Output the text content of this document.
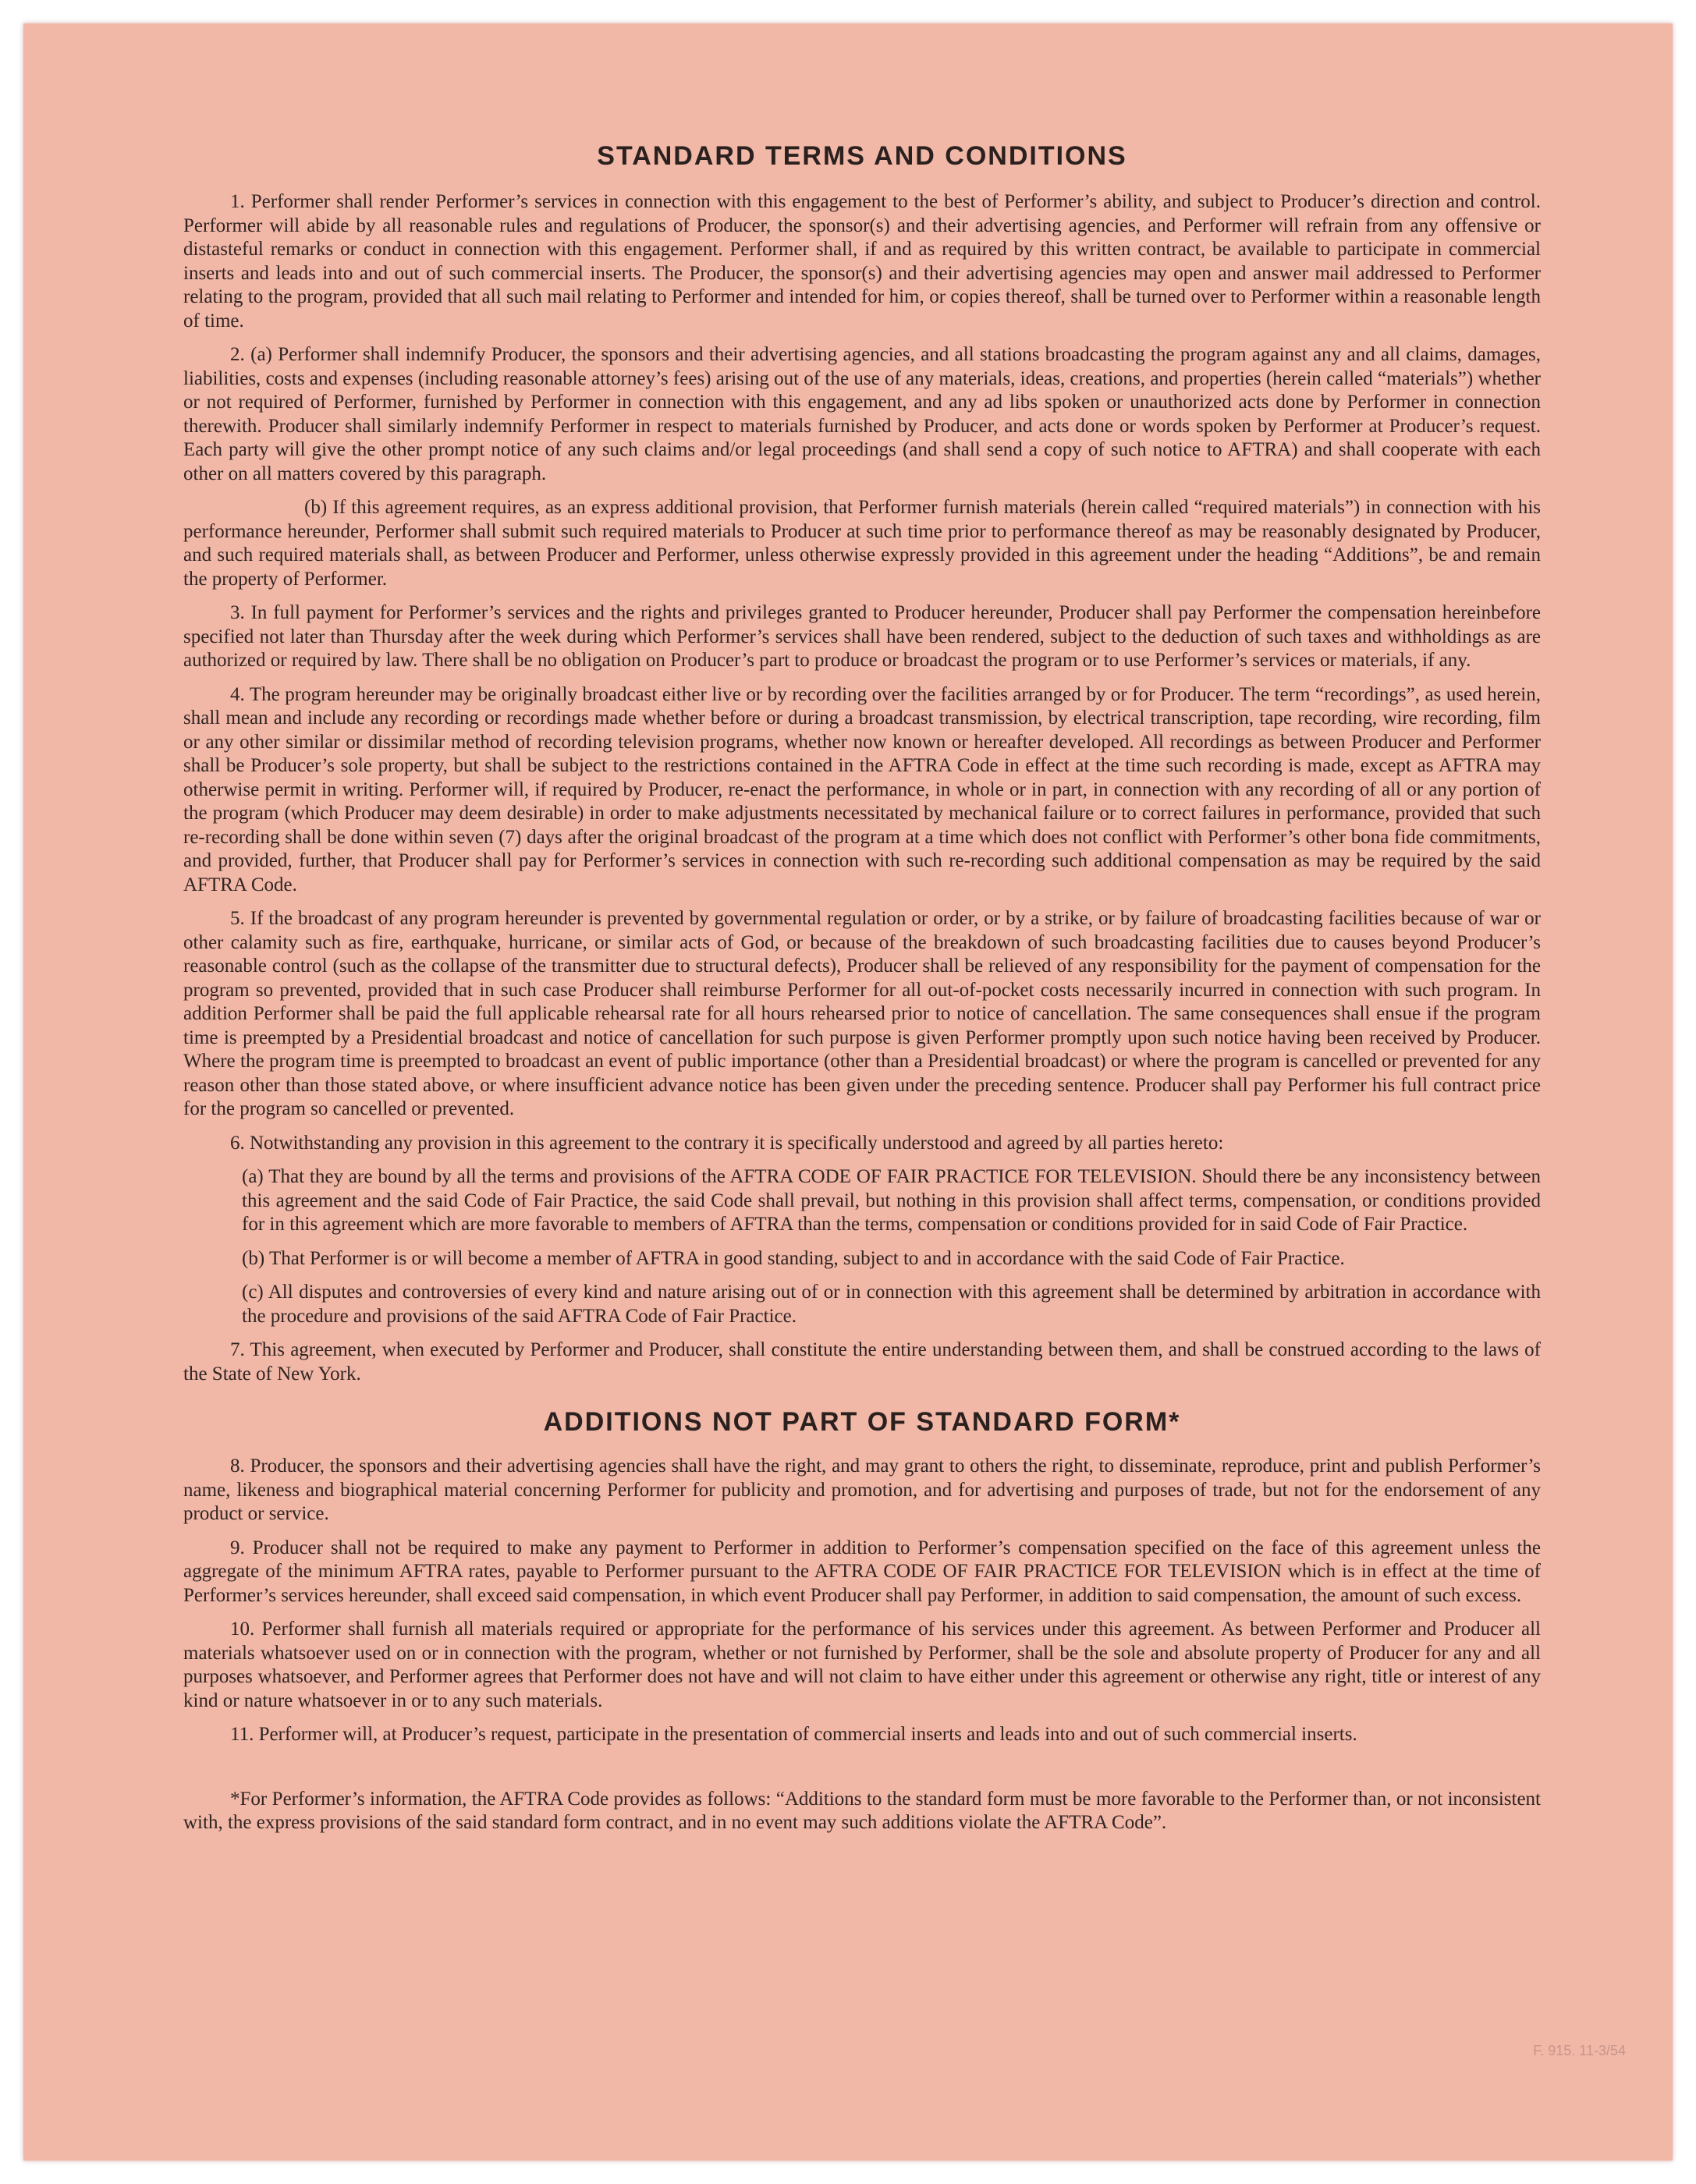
STANDARD TERMS AND CONDITIONS

1. Performer shall render Performer’s services in connection with this engagement to the best of Performer’s ability, and subject to Producer’s direction and control. Performer will abide by all reasonable rules and regulations of Producer, the sponsor(s) and their advertising agencies, and Performer will refrain from any offensive or distasteful remarks or conduct in connection with this engagement. Performer shall, if and as required by this written contract, be available to participate in commercial inserts and leads into and out of such commercial inserts. The Producer, the sponsor(s) and their advertising agencies may open and answer mail addressed to Performer relating to the program, provided that all such mail relating to Performer and intended for him, or copies thereof, shall be turned over to Performer within a reasonable length of time.

2. (a) Performer shall indemnify Producer, the sponsors and their advertising agencies, and all stations broadcasting the program against any and all claims, damages, liabilities, costs and expenses (including reasonable attorney’s fees) arising out of the use of any materials, ideas, creations, and properties (herein called “materials”) whether or not required of Performer, furnished by Performer in connection with this engagement, and any ad libs spoken or unauthorized acts done by Performer in connection therewith. Producer shall similarly indemnify Performer in respect to materials furnished by Producer, and acts done or words spoken by Performer at Producer’s request. Each party will give the other prompt notice of any such claims and/or legal proceedings (and shall send a copy of such notice to AFTRA) and shall cooperate with each other on all matters covered by this paragraph.

(b) If this agreement requires, as an express additional provision, that Performer furnish materials (herein called “required materials”) in connection with his performance hereunder, Performer shall submit such required materials to Producer at such time prior to performance thereof as may be reasonably designated by Producer, and such required materials shall, as between Producer and Performer, unless otherwise expressly provided in this agreement under the heading “Additions”, be and remain the property of Performer.

3. In full payment for Performer’s services and the rights and privileges granted to Producer hereunder, Producer shall pay Performer the compensation hereinbefore specified not later than Thursday after the week during which Performer’s services shall have been rendered, subject to the deduction of such taxes and withholdings as are authorized or required by law. There shall be no obligation on Producer’s part to produce or broadcast the program or to use Performer’s services or materials, if any.

4. The program hereunder may be originally broadcast either live or by recording over the facilities arranged by or for Producer. The term “recordings”, as used herein, shall mean and include any recording or recordings made whether before or during a broadcast transmission, by electrical transcription, tape recording, wire recording, film or any other similar or dissimilar method of recording television programs, whether now known or hereafter developed. All recordings as between Producer and Performer shall be Producer’s sole property, but shall be subject to the restrictions contained in the AFTRA Code in effect at the time such recording is made, except as AFTRA may otherwise permit in writing. Performer will, if required by Producer, re-enact the performance, in whole or in part, in connection with any recording of all or any portion of the program (which Producer may deem desirable) in order to make adjustments necessitated by mechanical failure or to correct failures in performance, provided that such re-recording shall be done within seven (7) days after the original broadcast of the program at a time which does not conflict with Performer’s other bona fide commitments, and provided, further, that Producer shall pay for Performer’s services in connection with such re-recording such additional compensation as may be required by the said AFTRA Code.

5. If the broadcast of any program hereunder is prevented by governmental regulation or order, or by a strike, or by failure of broadcasting facilities because of war or other calamity such as fire, earthquake, hurricane, or similar acts of God, or because of the breakdown of such broadcasting facilities due to causes beyond Producer’s reasonable control (such as the collapse of the transmitter due to structural defects), Producer shall be relieved of any responsibility for the payment of compensation for the program so prevented, provided that in such case Producer shall reimburse Performer for all out-of-pocket costs necessarily incurred in connection with such program. In addition Performer shall be paid the full applicable rehearsal rate for all hours rehearsed prior to notice of cancellation. The same consequences shall ensue if the program time is preempted by a Presidential broadcast and notice of cancellation for such purpose is given Performer promptly upon such notice having been received by Producer. Where the program time is preempted to broadcast an event of public importance (other than a Presidential broadcast) or where the program is cancelled or prevented for any reason other than those stated above, or where insufficient advance notice has been given under the preceding sentence. Producer shall pay Performer his full contract price for the program so cancelled or prevented.

6. Notwithstanding any provision in this agreement to the contrary it is specifically understood and agreed by all parties hereto:

(a) That they are bound by all the terms and provisions of the AFTRA CODE OF FAIR PRACTICE FOR TELEVISION. Should there be any inconsistency between this agreement and the said Code of Fair Practice, the said Code shall prevail, but nothing in this provision shall affect terms, compensation, or conditions provided for in this agreement which are more favorable to members of AFTRA than the terms, compensation or conditions provided for in said Code of Fair Practice.

(b) That Performer is or will become a member of AFTRA in good standing, subject to and in accordance with the said Code of Fair Practice.

(c) All disputes and controversies of every kind and nature arising out of or in connection with this agreement shall be determined by arbitration in accordance with the procedure and provisions of the said AFTRA Code of Fair Practice.

7. This agreement, when executed by Performer and Producer, shall constitute the entire understanding between them, and shall be construed according to the laws of the State of New York.

ADDITIONS NOT PART OF STANDARD FORM*

8. Producer, the sponsors and their advertising agencies shall have the right, and may grant to others the right, to disseminate, reproduce, print and publish Performer’s name, likeness and biographical material concerning Performer for publicity and promotion, and for advertising and purposes of trade, but not for the endorsement of any product or service.

9. Producer shall not be required to make any payment to Performer in addition to Performer’s compensation specified on the face of this agreement unless the aggregate of the minimum AFTRA rates, payable to Performer pursuant to the AFTRA CODE OF FAIR PRACTICE FOR TELEVISION which is in effect at the time of Performer’s services hereunder, shall exceed said compensation, in which event Producer shall pay Performer, in addition to said compensation, the amount of such excess.

10. Performer shall furnish all materials required or appropriate for the performance of his services under this agreement. As between Performer and Producer all materials whatsoever used on or in connection with the program, whether or not furnished by Performer, shall be the sole and absolute property of Producer for any and all purposes whatsoever, and Performer agrees that Performer does not have and will not claim to have either under this agreement or otherwise any right, title or interest of any kind or nature whatsoever in or to any such materials.

11. Performer will, at Producer’s request, participate in the presentation of commercial inserts and leads into and out of such commercial inserts.

*For Performer’s information, the AFTRA Code provides as follows: “Additions to the standard form must be more favorable to the Performer than, or not inconsistent with, the express provisions of the said standard form contract, and in no event may such additions violate the AFTRA Code”.

F. 915. 11-3/54
